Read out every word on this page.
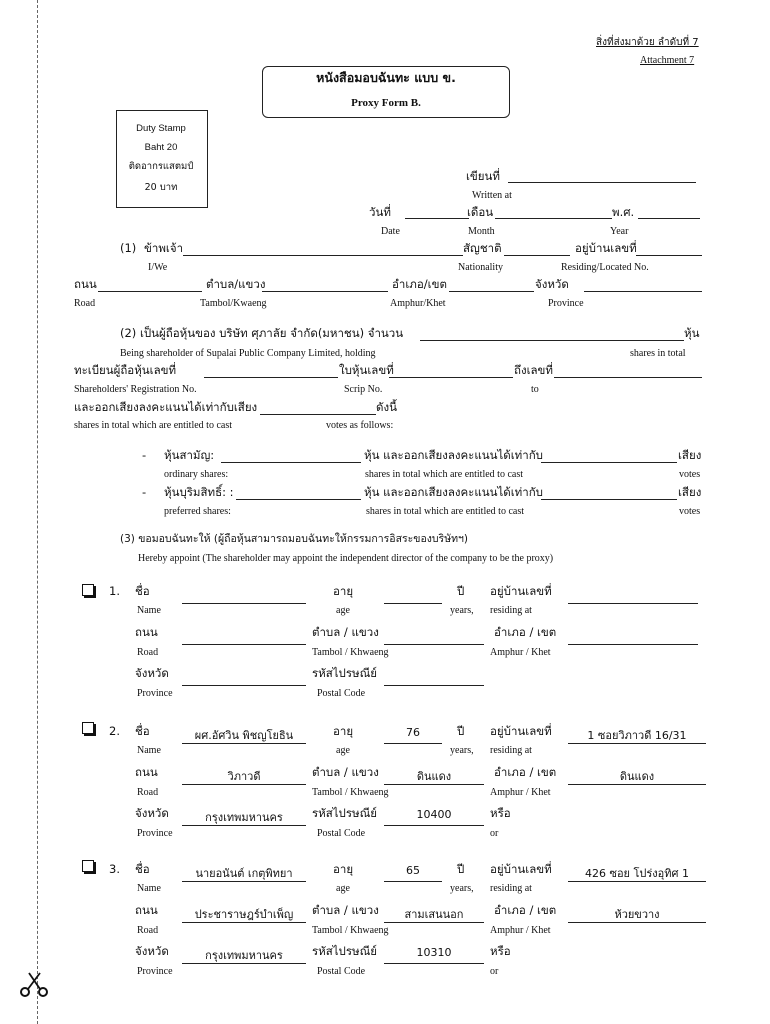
สิ่งที่ส่งมาด้วย ลำดับที่ 7
Attachment 7
หนังสือมอบฉันทะ แบบ ข.
Proxy Form B.
Duty Stamp
Baht 20
ติดอากรแสตมป์
20 บาท
เขียนที่
Written at
วันที่	เดือน	พ.ศ.
Date	Month	Year
(1) ข้าพเจ้า	สัญชาติ	อยู่บ้านเลขที่
I/We	Nationality	Residing/Located No.
ถนน	ตำบล/แขวง	อำเภอ/เขต	จังหวัด
Road	Tambol/Kwaeng	Amphur/Khet	Province
(2) เป็นผู้ถือหุ้นของ บริษัท ศุภาลัย จำกัด(มหาชน) จำนวน	หุ้น
Being shareholder of Supalai Public Company Limited, holding	shares in total
ทะเบียนผู้ถือหุ้นเลขที่	ใบหุ้นเลขที่	ถึงเลขที่
Shareholders' Registration No.	Scrip No.	to
และออกเสียงลงคะแนนได้เท่ากับเสียง	ดังนี้
shares in total which are entitled to cast	votes as follows:
- หุ้นสามัญ:	หุ้น และออกเสียงลงคะแนนได้เท่ากับ	เสียง
ordinary shares:	shares in total which are entitled to cast	votes
- หุ้นบุริมสิทธิ์: :	หุ้น และออกเสียงลงคะแนนได้เท่ากับ	เสียง
preferred shares:	shares in total which are entitled to cast	votes
(3) ขอมอบฉันทะให้ (ผู้ถือหุ้นสามารถมอบฉันทะให้กรรมการอิสระของบริษัทฯ)
Hereby appoint (The shareholder may appoint the independent director of the company to be the proxy)
1. ชื่อ	อายุ	ปี อยู่บ้านเลขที่
Name	age	years, residing at
ถนน	ตำบล / แขวง	อำเภอ / เขต
Road	Tambol / Khwaeng	Amphur / Khet
จังหวัด	รหัสไปรษณีย์
Province	Postal Code
2. ชื่อ	ผศ.อัศวิน พิชญโยธิน	อายุ	76	ปี อยู่บ้านเลขที่	1 ซอยวิภาวดี 16/31
Name	age	years, residing at
ถนน	วิภาวดี	ตำบล / แขวง	ดินแดง	อำเภอ / เขต	ดินแดง
Road	Tambol / Khwaeng	Amphur / Khet
จังหวัด	กรุงเทพมหานคร	รหัสไปรษณีย์	10400	หรือ
Province	Postal Code	or
3. ชื่อ	นายอนันต์ เกตุพิทยา	อายุ	65	ปี อยู่บ้านเลขที่	426 ซอย โปร่งอุทิศ 1
Name	age	years, residing at
ถนน	ประชาราษฎร์บำเพ็ญ	ตำบล / แขวง	สามเสนนอก	อำเภอ / เขต	ห้วยขวาง
Road	Tambol / Khwaeng	Amphur / Khet
จังหวัด	กรุงเทพมหานคร	รหัสไปรษณีย์	10310	หรือ
Province	Postal Code	or
